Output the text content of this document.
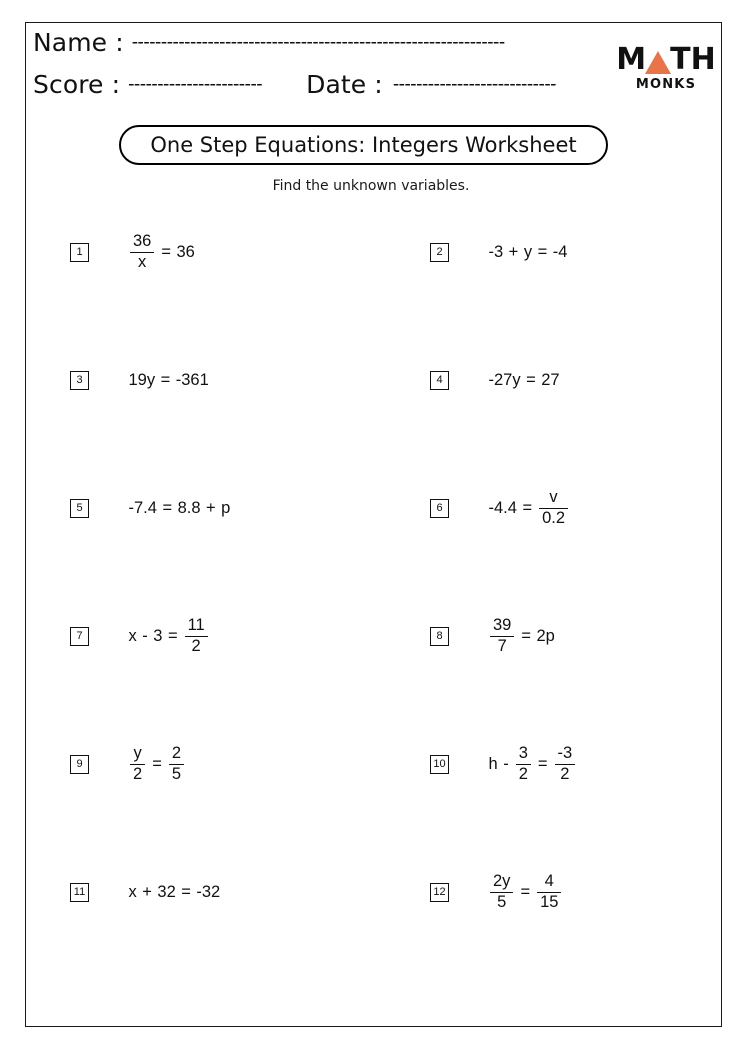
Name : ----------------------------------------------------------------
Score : -----------------------	Date : ----------------------------
M TH
MONKS
One Step Equations: Integers Worksheet
Find the unknown variables.
1	$\frac{36}{x} = 36$	2	-3 + y = -4
3	19y = -361	4	-27y = 27
5	-7.4 = 8.8 + p	6	$-4.4 = \frac{v}{0.2}$
7	$x - 3 = \frac{11}{2}$	8	$\frac{39}{7} = 2p$
9	$\frac{y}{2} = \frac{2}{5}$	10	$h - \frac{3}{2} = \frac{-3}{2}$
11	x + 32 = -32	12	$\frac{2y}{5} = \frac{4}{15}$
